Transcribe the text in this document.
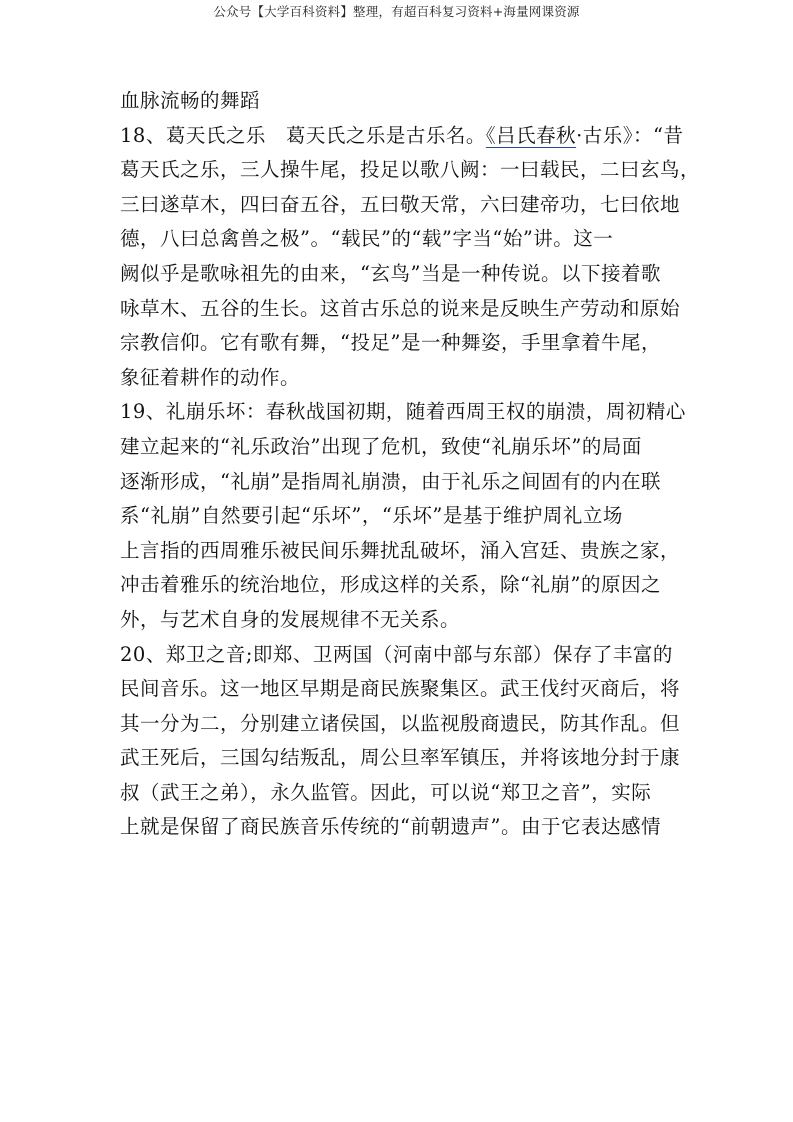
公众号【大学百科资料】整理，有超百科复习资料+海量网课资源
血脉流畅的舞蹈
18、葛天氏之乐　葛天氏之乐是古乐名。《吕氏春秋·古乐》：“昔
葛天氏之乐，三人操牛尾，投足以歌八阙：一曰载民，二曰玄鸟，
三曰遂草木，四曰奋五谷，五曰敬天常，六曰建帝功，七曰依地
德，八曰总禽兽之极”。“载民”的“载”字当“始”讲。这一
阙似乎是歌咏祖先的由来，“玄鸟”当是一种传说。以下接着歌
咏草木、五谷的生长。这首古乐总的说来是反映生产劳动和原始
宗教信仰。它有歌有舞，“投足”是一种舞姿，手里拿着牛尾，
象征着耕作的动作。
19、礼崩乐坏：春秋战国初期，随着西周王权的崩溃，周初精心
建立起来的“礼乐政治”出现了危机，致使“礼崩乐坏”的局面
逐渐形成，“礼崩”是指周礼崩溃，由于礼乐之间固有的内在联
系“礼崩”自然要引起“乐坏”，“乐坏”是基于维护周礼立场
上言指的西周雅乐被民间乐舞扰乱破坏，涌入宫廷、贵族之家，
冲击着雅乐的统治地位，形成这样的关系，除“礼崩”的原因之
外，与艺术自身的发展规律不无关系。
20、郑卫之音;即郑、卫两国（河南中部与东部）保存了丰富的
民间音乐。这一地区早期是商民族聚集区。武王伐纣灭商后，将
其一分为二，分别建立诸侯国，以监视殷商遗民，防其作乱。但
武王死后，三国勾结叛乱，周公旦率军镇压，并将该地分封于康
叔（武王之弟），永久监管。因此，可以说“郑卫之音”，实际
上就是保留了商民族音乐传统的“前朝遗声”。由于它表达感情
